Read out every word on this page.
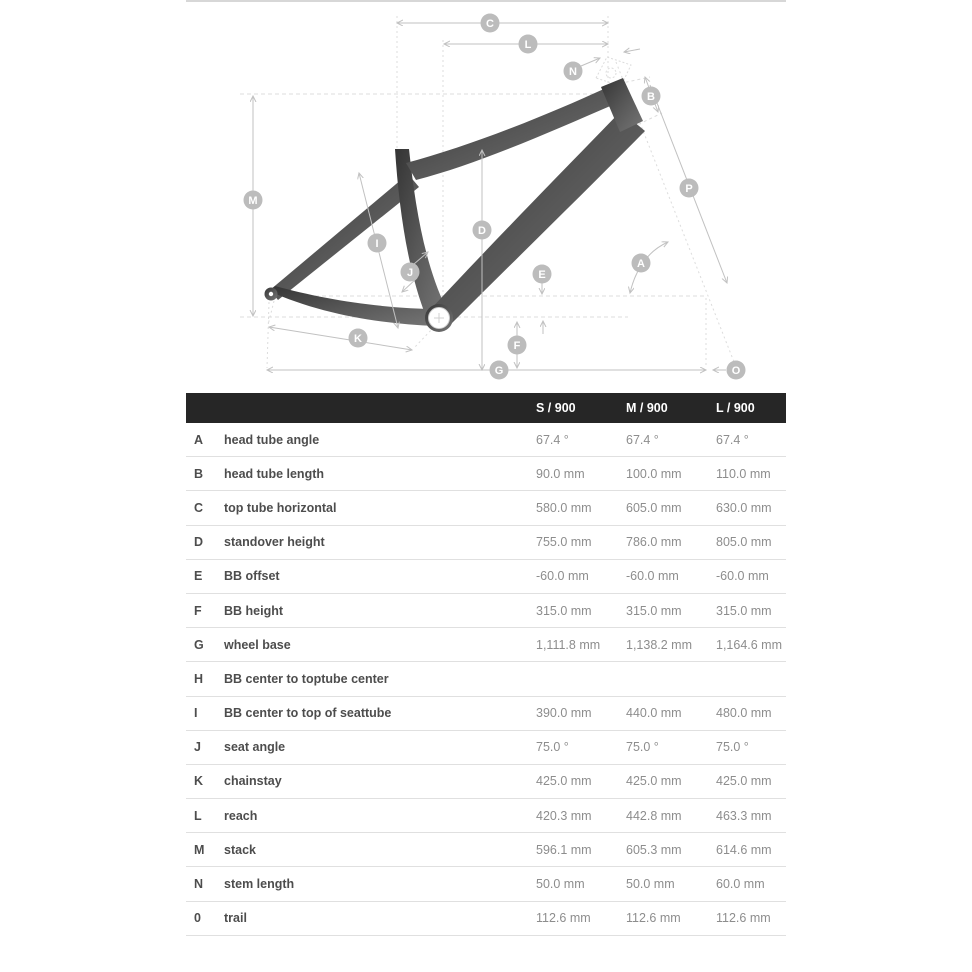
C
L
N
B
P
M
D
I
A
J	E
K
F
G	O
S / 900	M / 900	L / 900
A	head tube angle	67.4 °	67.4 °	67.4 °
B	head tube length	90.0 mm	100.0 mm	110.0 mm
C	top tube horizontal	580.0 mm	605.0 mm	630.0 mm
D	standover height	755.0 mm	786.0 mm	805.0 mm
E	BB offset	-60.0 mm	-60.0 mm	-60.0 mm
F	BB height	315.0 mm	315.0 mm	315.0 mm
G	wheel base	1,111.8 mm	1,138.2 mm	1,164.6 mm
H	BB center to toptube center
I	BB center to top of seattube	390.0 mm	440.0 mm	480.0 mm
J	seat angle	75.0 °	75.0 °	75.0 °
K	chainstay	425.0 mm	425.0 mm	425.0 mm
L	reach	420.3 mm	442.8 mm	463.3 mm
M	stack	596.1 mm	605.3 mm	614.6 mm
N	stem length	50.0 mm	50.0 mm	60.0 mm
0	trail	112.6 mm	112.6 mm	112.6 mm
